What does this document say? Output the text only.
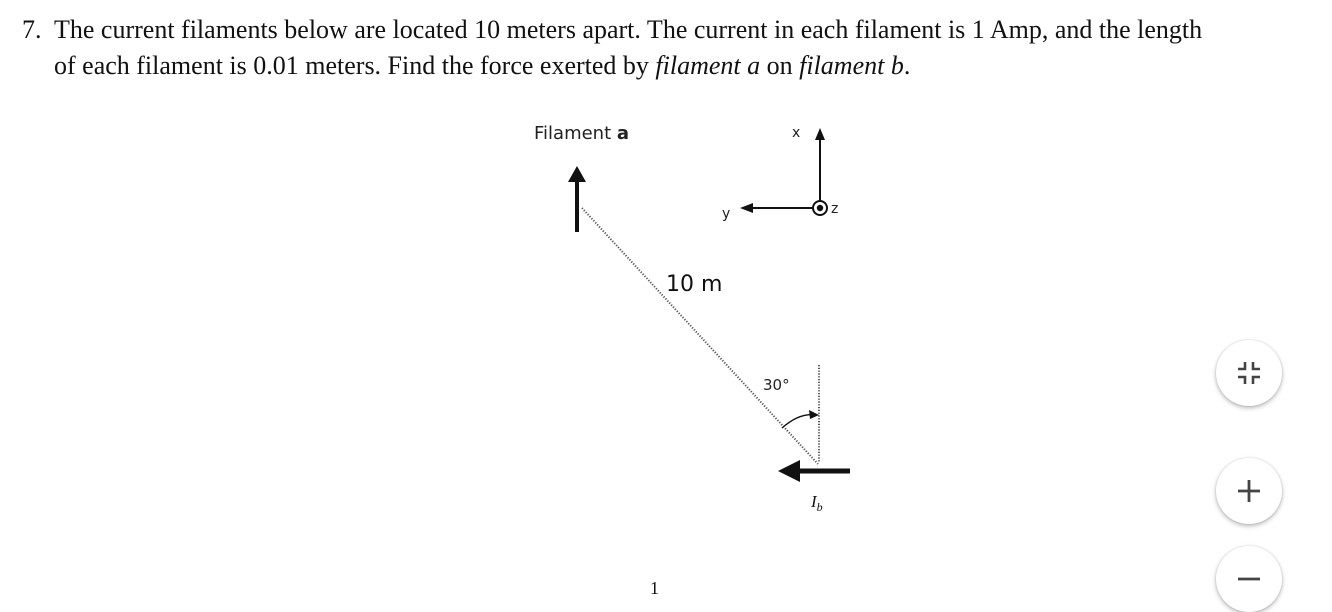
7. The current filaments below are located 10 meters apart. The current in each filament is 1 Amp, and the length
of each filament is 0.01 meters. Find the force exerted by filament a on filament b.
Filament a
10 m
x
y	z
30°
$I_b$
1
